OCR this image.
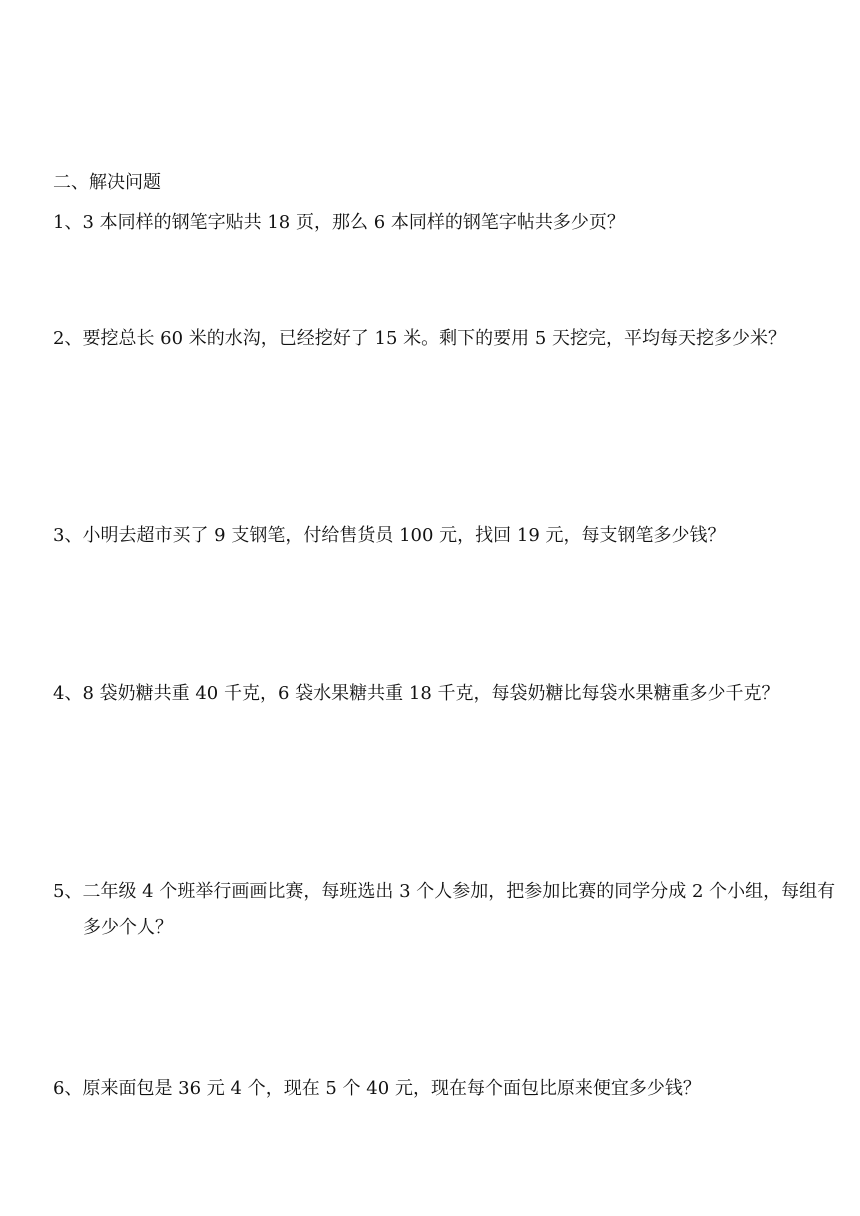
二、解决问题
1、3 本同样的钢笔字贴共 18 页，那么 6 本同样的钢笔字帖共多少页？
2、要挖总长 60 米的水沟，已经挖好了 15 米。剩下的要用 5 天挖完，平均每天挖多少米？
3、小明去超市买了 9 支钢笔，付给售货员 100 元，找回 19 元，每支钢笔多少钱？
4、8 袋奶糖共重 40 千克，6 袋水果糖共重 18 千克，每袋奶糖比每袋水果糖重多少千克？
5、二年级 4 个班举行画画比赛，每班选出 3 个人参加，把参加比赛的同学分成 2 个小组，每组有多少个人？
6、原来面包是 36 元 4 个，现在 5 个 40 元，现在每个面包比原来便宜多少钱？
